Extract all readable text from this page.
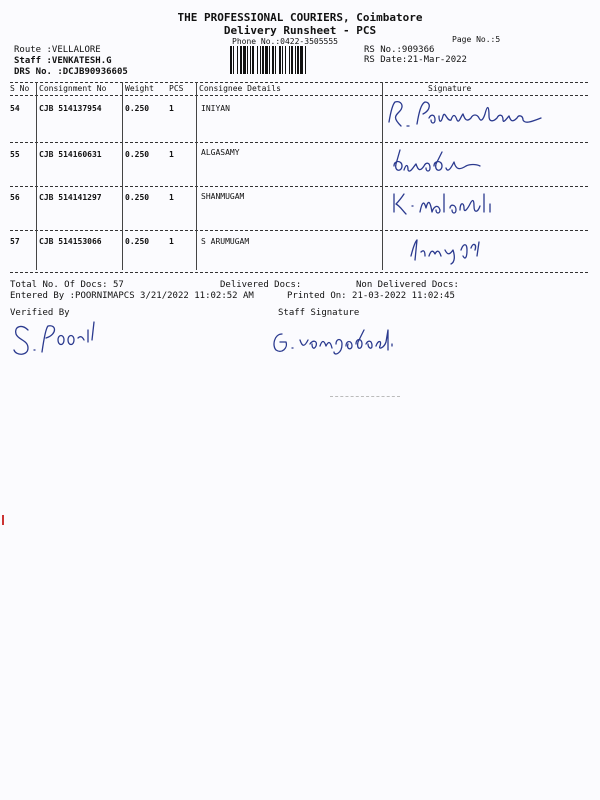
THE PROFESSIONAL COURIERS, Coimbatore
Delivery Runsheet - PCS
Phone No.:0422-3505555	Page No.:5
Route :VELLALORE
Staff :VENKATESH.G
DRS No. :DCJB90936605
RS No.:909366
RS Date:21-Mar-2022
S No Consignment No Weight PCS Consignee Details	Signature
54 CJB 514137954	0.250 1	INIYAN
55 CJB 514160631	0.250 1	ALGASAMY
56 CJB 514141297	0.250 1	SHANMUGAM
57 CJB 514153066	0.250 1	S ARUMUGAM
Total No. Of Docs: 57	Delivered Docs:	Non Delivered Docs:
Entered By :POORNIMAPCS 3/21/2022 11:02:52 AM	Printed On: 21-03-2022 11:02:45
Verified By	Staff Signature
